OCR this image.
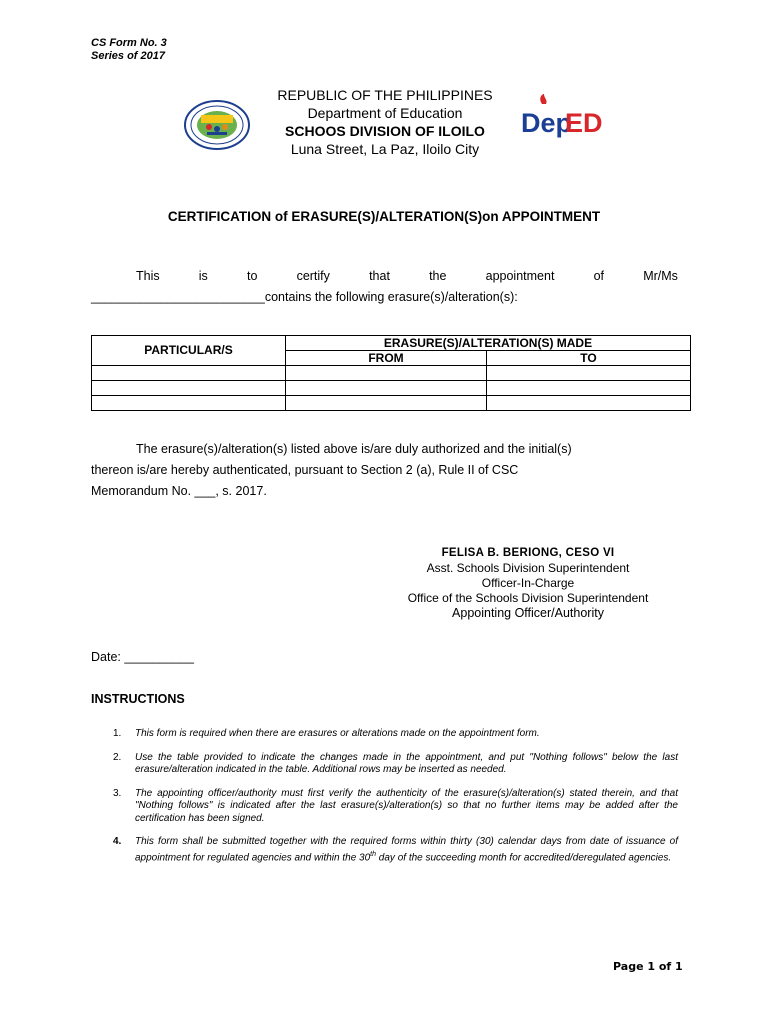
CS Form No. 3
Series of 2017
REPUBLIC OF THE PHILIPPINES
Department of Education
SCHOOS DIVISION OF ILOILO
Luna Street, La Paz, Iloilo City
Dep
ED
CERTIFICATION of ERASURE(S)/ALTERATION(S)on APPOINTMENT
This	is	to	certify	that	the	appointment	of	Mr/Ms
_________________________contains the following erasure(s)/alteration(s):
PARTICULAR/S	ERASURE(S)/ALTERATION(S) MADE	
	FROM	TO

The erasure(s)/alteration(s) listed above is/are duly authorized and the initial(s)
thereon is/are hereby authenticated, pursuant to Section 2 (a), Rule II of CSC
Memorandum No. ___, s. 2017.
FELISA B. BERIONG, CESO VI
Asst. Schools Division Superintendent
Officer-In-Charge
Office of the Schools Division Superintendent
Appointing Officer/Authority
Date: __________
INSTRUCTIONS
1.	This form is required when there are erasures or alterations made on the appointment form.
2.	Use the table provided to indicate the changes made in the appointment, and put "Nothing follows" below the last erasure/alteration indicated in the table. Additional rows may be inserted as needed.
3.	The appointing officer/authority must first verify the authenticity of the erasure(s)/alteration(s) stated therein, and that "Nothing follows" is indicated after the last erasure(s)/alteration(s) so that no further items may be added after the certification has been signed.
4.	This form shall be submitted together with the required forms within thirty (30) calendar days from date of issuance of appointment for regulated agencies and within the 30th day of the succeeding month for accredited/deregulated agencies.
Page 1 of 1
